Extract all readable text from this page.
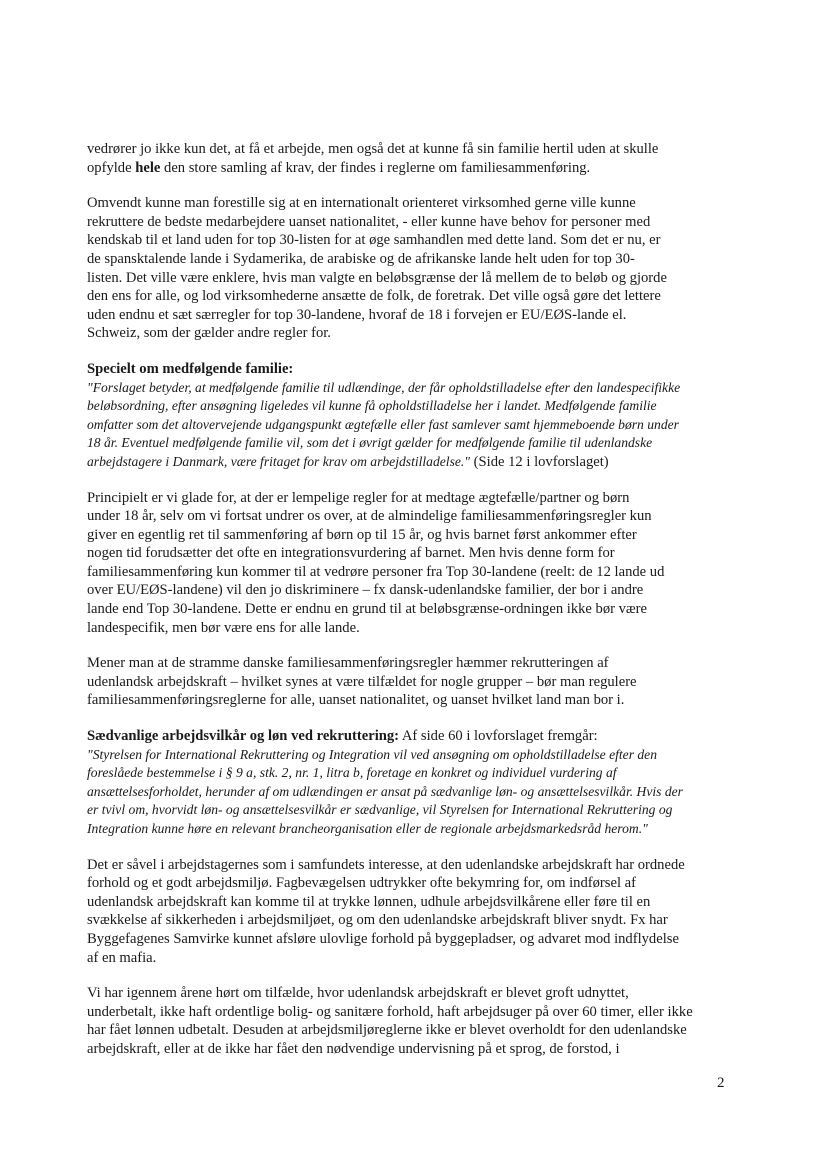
vedrører jo ikke kun det, at få et arbejde, men også det at kunne få sin familie hertil uden at skulle
opfylde hele den store samling af krav, der findes i reglerne om familiesammenføring.
Omvendt kunne man forestille sig at en internationalt orienteret virksomhed gerne ville kunne
rekruttere de bedste medarbejdere uanset nationalitet, - eller kunne have behov for personer med
kendskab til et land uden for top 30-listen for at øge samhandlen med dette land. Som det er nu, er
de spansktalende lande i Sydamerika, de arabiske og de afrikanske lande helt uden for top 30-
listen. Det ville være enklere, hvis man valgte en beløbsgrænse der lå mellem de to beløb og gjorde
den ens for alle, og lod virksomhederne ansætte de folk, de foretrak. Det ville også gøre det lettere
uden endnu et sæt særregler for top 30-landene, hvoraf de 18 i forvejen er EU/EØS-lande el.
Schweiz, som der gælder andre regler for.
Specielt om medfølgende familie:
"Forslaget betyder, at medfølgende familie til udlændinge, der får opholdstilladelse efter den landespecifikke
beløbsordning, efter ansøgning ligeledes vil kunne få opholdstilladelse her i landet. Medfølgende familie
omfatter som det altovervejende udgangspunkt ægtefælle eller fast samlever samt hjemmeboende børn under
18 år. Eventuel medfølgende familie vil, som det i øvrigt gælder for medfølgende familie til udenlandske
arbejdstagere i Danmark, være fritaget for krav om arbejdstilladelse." (Side 12 i lovforslaget)
Principielt er vi glade for, at der er lempelige regler for at medtage ægtefælle/partner og børn
under 18 år, selv om vi fortsat undrer os over, at de almindelige familiesammenføringsregler kun
giver en egentlig ret til sammenføring af børn op til 15 år, og hvis barnet først ankommer efter
nogen tid forudsætter det ofte en integrationsvurdering af barnet. Men hvis denne form for
familiesammenføring kun kommer til at vedrøre personer fra Top 30-landene (reelt: de 12 lande ud
over EU/EØS-landene) vil den jo diskriminere – fx dansk-udenlandske familier, der bor i andre
lande end Top 30-landene. Dette er endnu en grund til at beløbsgrænse-ordningen ikke bør være
landespecifik, men bør være ens for alle lande.
Mener man at de stramme danske familiesammenføringsregler hæmmer rekrutteringen af
udenlandsk arbejdskraft – hvilket synes at være tilfældet for nogle grupper – bør man regulere
familiesammenføringsreglerne for alle, uanset nationalitet, og uanset hvilket land man bor i.
Sædvanlige arbejdsvilkår og løn ved rekruttering: Af side 60 i lovforslaget fremgår:
"Styrelsen for International Rekruttering og Integration vil ved ansøgning om opholdstilladelse efter den
foreslåede bestemmelse i § 9 a, stk. 2, nr. 1, litra b, foretage en konkret og individuel vurdering af
ansættelsesforholdet, herunder af om udlændingen er ansat på sædvanlige løn- og ansættelsesvilkår. Hvis der
er tvivl om, hvorvidt løn- og ansættelsesvilkår er sædvanlige, vil Styrelsen for International Rekruttering og
Integration kunne høre en relevant brancheorganisation eller de regionale arbejdsmarkedsråd herom."
Det er såvel i arbejdstagernes som i samfundets interesse, at den udenlandske arbejdskraft har ordnede
forhold og et godt arbejdsmiljø. Fagbevægelsen udtrykker ofte bekymring for, om indførsel af
udenlandsk arbejdskraft kan komme til at trykke lønnen, udhule arbejdsvilkårene eller føre til en
svækkelse af sikkerheden i arbejdsmiljøet, og om den udenlandske arbejdskraft bliver snydt. Fx har
Byggefagenes Samvirke kunnet afsløre ulovlige forhold på byggepladser, og advaret mod indflydelse
af en mafia.
Vi har igennem årene hørt om tilfælde, hvor udenlandsk arbejdskraft er blevet groft udnyttet,
underbetalt, ikke haft ordentlige bolig- og sanitære forhold, haft arbejdsuger på over 60 timer, eller ikke
har fået lønnen udbetalt. Desuden at arbejdsmiljøreglerne ikke er blevet overholdt for den udenlandske
arbejdskraft, eller at de ikke har fået den nødvendige undervisning på et sprog, de forstod, i
2
